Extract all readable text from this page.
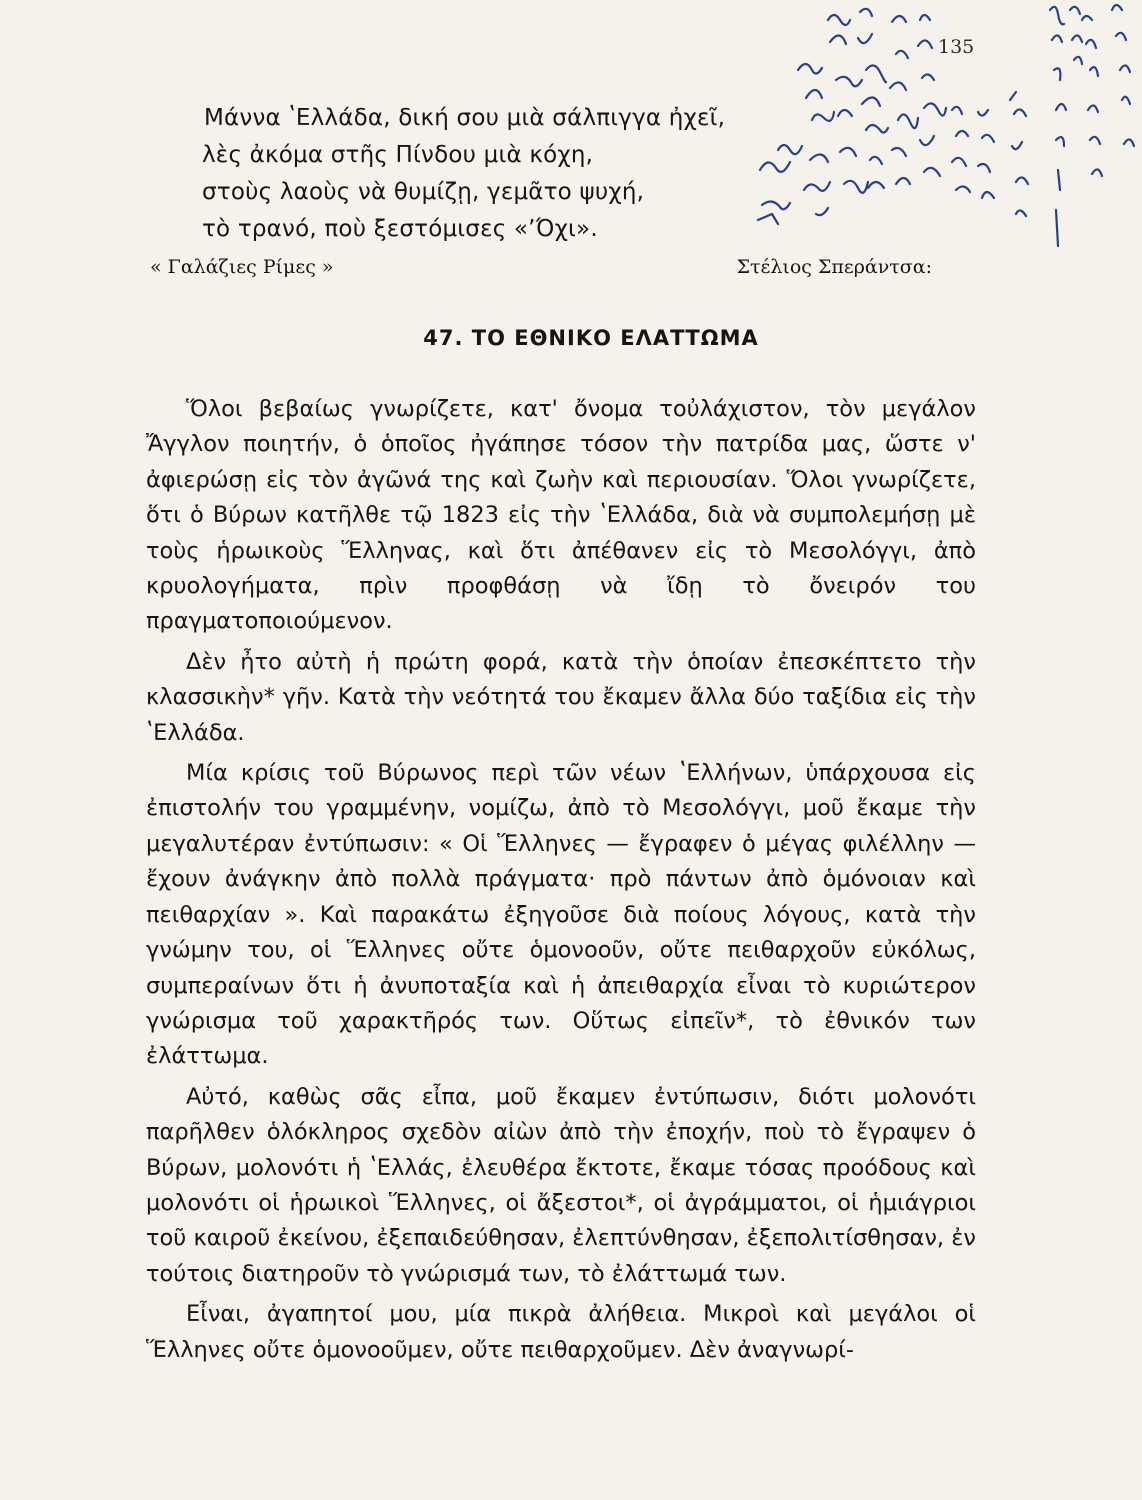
135
Μάννα ʽΕλλάδα, δική σου μιὰ σάλπιγγα ἠχεῖ,
λὲς ἀκόμα στῆς Πίνδου μιὰ κόχη,
στοὺς λαοὺς νὰ θυμίζῃ, γεμᾶτο ψυχή,
τὸ τρανό, ποὺ ξεστόμισες «ʼΌχι».
« Γαλάζιες Ρίμες »	Στέλιος Σπεράντσα:
47. ΤΟ ΕΘΝΙΚΟ ΕΛΑΤΤΩΜΑ

Ὅλοι βεβαίως γνωρίζετε, κατ' ὄνομα τοὐλάχιστον, τὸν μεγάλον Ἄγγλον ποιητήν, ὁ ὁποῖος ἠγάπησε τόσον τὴν πατρίδα μας, ὥστε ν' ἀφιερώσῃ εἰς τὸν ἀγῶνά της καὶ ζωὴν καὶ περιουσίαν. Ὅλοι γνωρίζετε, ὅτι ὁ Βύρων κατῆλθε τῷ 1823 εἰς τὴν ʽΕλλάδα, διὰ νὰ συμπολεμήσῃ μὲ τοὺς ἡρωικοὺς Ἕλληνας, καὶ ὅτι ἀπέθανεν εἰς τὸ Μεσολόγγι, ἀπὸ κρυολογήματα, πρὶν προφθάσῃ νὰ ἴδῃ τὸ ὄνειρόν του πραγματοποιούμενον.

Δὲν ἦτο αὐτὴ ἡ πρώτη φορά, κατὰ τὴν ὁποίαν ἐπεσκέπτετο τὴν κλασσικὴν* γῆν. Κατὰ τὴν νεότητά του ἔκαμεν ἄλλα δύο ταξίδια εἰς τὴν ʽΕλλάδα.

Μία κρίσις τοῦ Βύρωνος περὶ τῶν νέων ʽΕλλήνων, ὑπάρχουσα εἰς ἐπιστολήν του γραμμένην, νομίζω, ἀπὸ τὸ Μεσολόγγι, μοῦ ἔκαμε τὴν μεγαλυτέραν ἐντύπωσιν: « Οἱ Ἕλληνες — ἔγραφεν ὁ μέγας φιλέλλην — ἔχουν ἀνάγκην ἀπὸ πολλὰ πράγματα· πρὸ πάντων ἀπὸ ὁμόνοιαν καὶ πειθαρχίαν ». Καὶ παρακάτω ἐξηγοῦσε διὰ ποίους λόγους, κατὰ τὴν γνώμην του, οἱ Ἕλληνες οὔτε ὁμονοοῦν, οὔτε πειθαρχοῦν εὐκόλως, συμπεραίνων ὅτι ἡ ἀνυποταξία καὶ ἡ ἀπειθαρχία εἶναι τὸ κυριώτερον γνώρισμα τοῦ χαρακτῆρός των. Οὕτως εἰπεῖν*, τὸ ἐθνικόν των ἐλάττωμα.

Αὐτό, καθὼς σᾶς εἶπα, μοῦ ἔκαμεν ἐντύπωσιν, διότι μολονότι παρῆλθεν ὁλόκληρος σχεδὸν αἰὼν ἀπὸ τὴν ἐποχήν, ποὺ τὸ ἔγραψεν ὁ Βύρων, μολονότι ἡ ʽΕλλάς, ἐλευθέρα ἔκτοτε, ἔκαμε τόσας προόδους καὶ μολονότι οἱ ἡρωικοὶ Ἕλληνες, οἱ ἄξεστοι*, οἱ ἀγράμματοι, οἱ ἡμιάγριοι τοῦ καιροῦ ἐκείνου, ἐξεπαιδεύθησαν, ἐλεπτύνθησαν, ἐξεπολιτίσθησαν, ἐν τούτοις διατηροῦν τὸ γνώρισμά των, τὸ ἐλάττωμά των.

Εἶναι, ἀγαπητοί μου, μία πικρὰ ἀλήθεια. Μικροὶ καὶ μεγάλοι οἱ Ἕλληνες οὔτε ὁμονοοῦμεν, οὔτε πειθαρχοῦμεν. Δὲν ἀναγνωρί-
